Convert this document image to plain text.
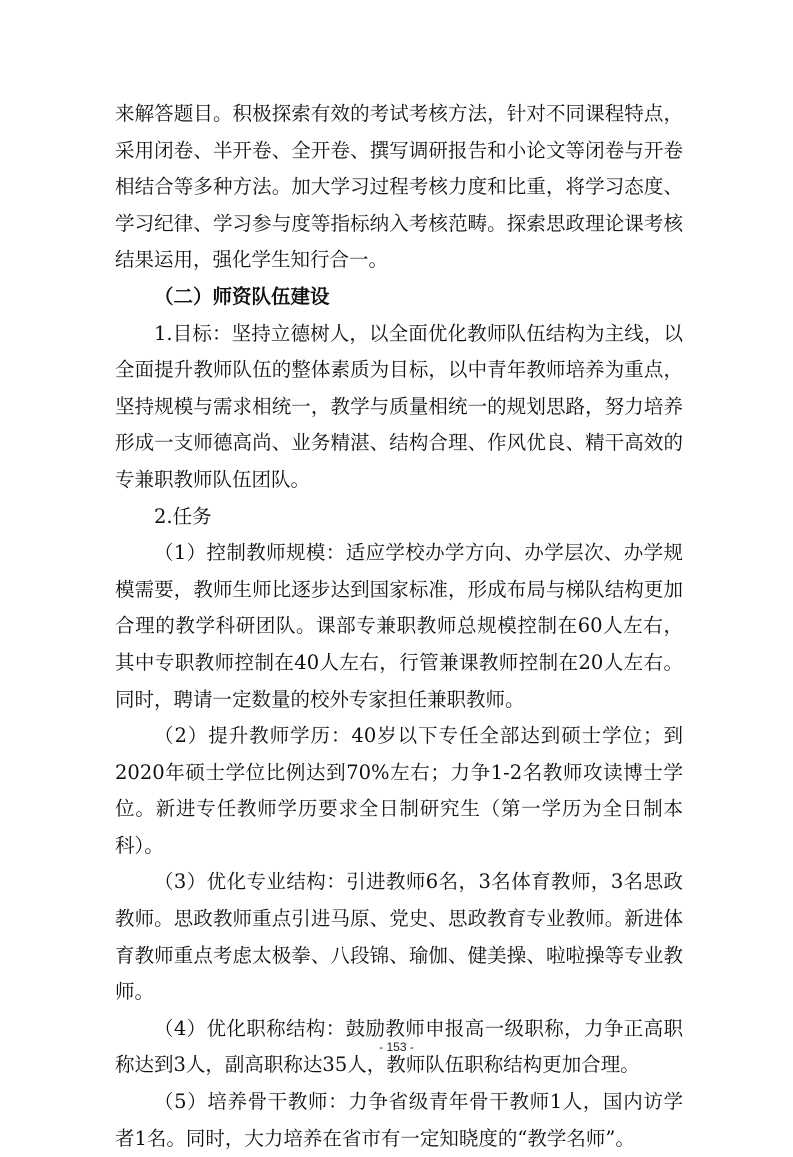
来解答题目。积极探索有效的考试考核方法，针对不同课程特点，采用闭卷、半开卷、全开卷、撰写调研报告和小论文等闭卷与开卷相结合等多种方法。加大学习过程考核力度和比重，将学习态度、学习纪律、学习参与度等指标纳入考核范畴。探索思政理论课考核结果运用，强化学生知行合一。

（二）师资队伍建设

1.目标：坚持立德树人，以全面优化教师队伍结构为主线，以全面提升教师队伍的整体素质为目标，以中青年教师培养为重点，坚持规模与需求相统一，教学与质量相统一的规划思路，努力培养形成一支师德高尚、业务精湛、结构合理、作风优良、精干高效的专兼职教师队伍团队。

2.任务

（1）控制教师规模：适应学校办学方向、办学层次、办学规模需要，教师生师比逐步达到国家标准，形成布局与梯队结构更加合理的教学科研团队。课部专兼职教师总规模控制在60人左右，其中专职教师控制在40人左右，行管兼课教师控制在20人左右。同时，聘请一定数量的校外专家担任兼职教师。

（2）提升教师学历：40岁以下专任全部达到硕士学位；到2020年硕士学位比例达到70%左右；力争1-2名教师攻读博士学位。新进专任教师学历要求全日制研究生（第一学历为全日制本科）。

（3）优化专业结构：引进教师6名，3名体育教师，3名思政教师。思政教师重点引进马原、党史、思政教育专业教师。新进体育教师重点考虑太极拳、八段锦、瑜伽、健美操、啦啦操等专业教师。

（4）优化职称结构：鼓励教师申报高一级职称，力争正高职称达到3人，副高职称达35人，教师队伍职称结构更加合理。

（5）培养骨干教师：力争省级青年骨干教师1人，国内访学者1名。同时，大力培养在省市有一定知晓度的“教学名师”。

- 153 -
